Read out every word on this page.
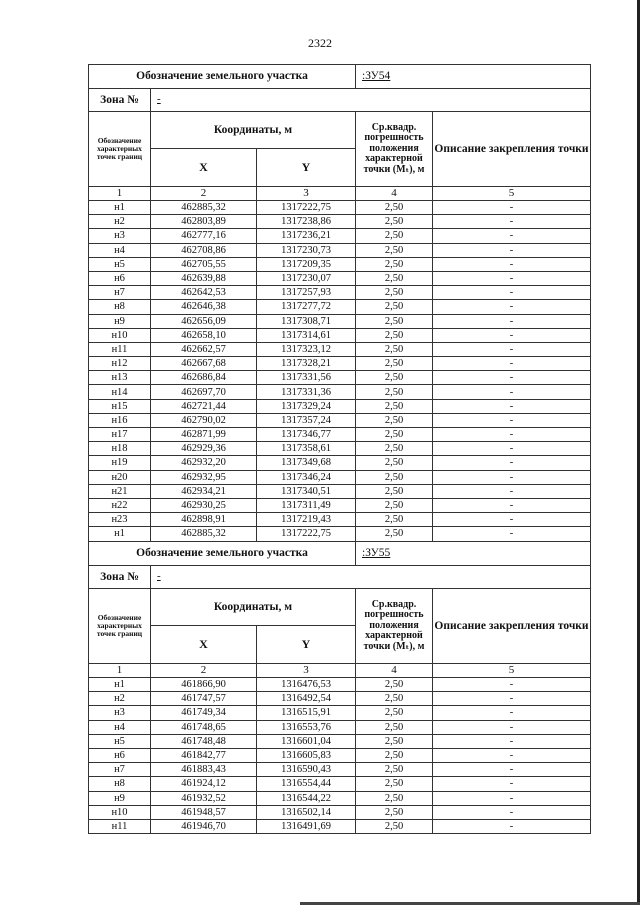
2322
Обозначение земельного участка			:ЗУ54	
Зона №	-			
Обозначение характерных точек границ	Координаты, м		Ср.квадр. погрешность положения характерной точки (Mₜ), м	Описание закрепления точки
	X	Y		
1	2	3	4	5
н1	462885,32	1317222,75	2,50	-
н2	462803,89	1317238,86	2,50	-
н3	462777,16	1317236,21	2,50	-
н4	462708,86	1317230,73	2,50	-
н5	462705,55	1317209,35	2,50	-
н6	462639,88	1317230,07	2,50	-
н7	462642,53	1317257,93	2,50	-
н8	462646,38	1317277,72	2,50	-
н9	462656,09	1317308,71	2,50	-
н10	462658,10	1317314,61	2,50	-
н11	462662,57	1317323,12	2,50	-
н12	462667,68	1317328,21	2,50	-
н13	462686,84	1317331,56	2,50	-
н14	462697,70	1317331,36	2,50	-
н15	462721,44	1317329,24	2,50	-
н16	462790,02	1317357,24	2,50	-
н17	462871,99	1317346,77	2,50	-
н18	462929,36	1317358,61	2,50	-
н19	462932,20	1317349,68	2,50	-
н20	462932,95	1317346,24	2,50	-
н21	462934,21	1317340,51	2,50	-
н22	462930,25	1317311,49	2,50	-
н23	462898,91	1317219,43	2,50	-
н1	462885,32	1317222,75	2,50	-
Обозначение земельного участка			:ЗУ55	
Зона №	-			
Обозначение характерных точек границ	Координаты, м		Ср.квадр. погрешность положения характерной точки (Mₜ), м	Описание закрепления точки
	X	Y		
1	2	3	4	5
н1	461866,90	1316476,53	2,50	-
н2	461747,57	1316492,54	2,50	-
н3	461749,34	1316515,91	2,50	-
н4	461748,65	1316553,76	2,50	-
н5	461748,48	1316601,04	2,50	-
н6	461842,77	1316605,83	2,50	-
н7	461883,43	1316590,43	2,50	-
н8	461924,12	1316554,44	2,50	-
н9	461932,52	1316544,22	2,50	-
н10	461948,57	1316502,14	2,50	-
н11	461946,70	1316491,69	2,50	-
